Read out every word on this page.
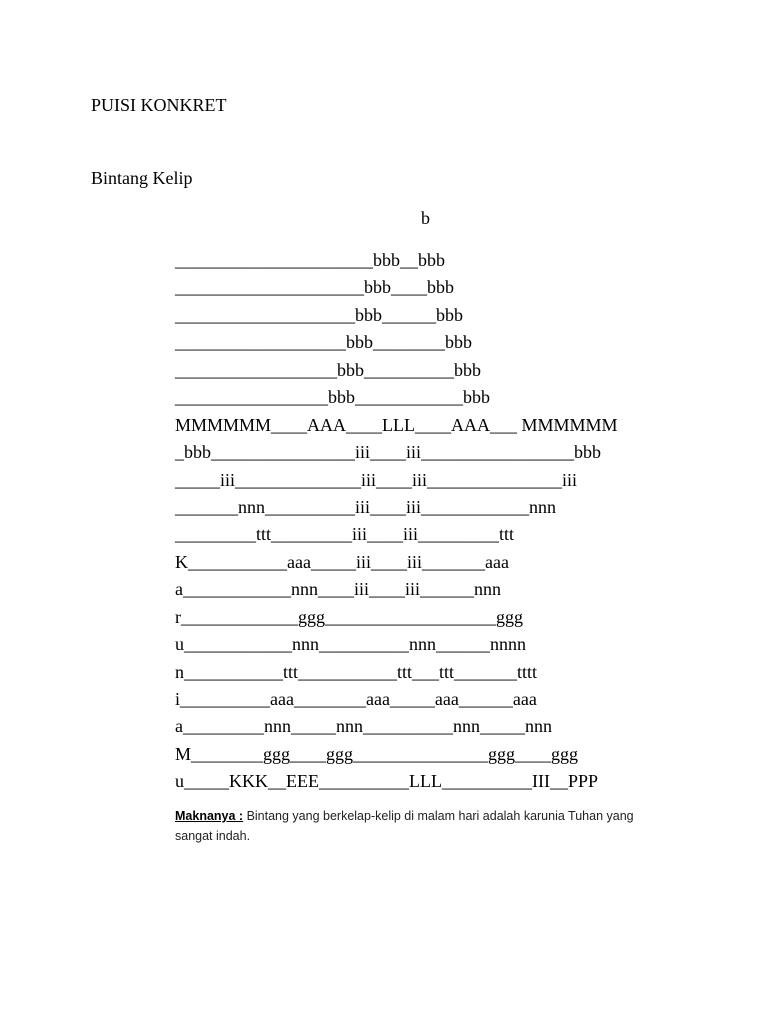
PUISI KONKRET
Bintang Kelip
b
______________________bbb__bbb
_____________________bbb____bbb
____________________bbb______bbb
___________________bbb________bbb
__________________bbb__________bbb
_________________bbb____________bbb
MMMMMM____AAA____LLL____AAA___ MMMMMM
_bbb________________iii____iii_________________bbb
_____iii______________iii____iii_______________iii
_______nnn__________iii____iii____________nnn
_________ttt_________iii____iii_________ttt
K___________aaa_____iii____iii_______aaa
a____________nnn____iii____iii______nnn
r_____________ggg___________________ggg
u____________nnn__________nnn______nnnn
n___________ttt___________ttt___ttt_______tttt
i__________aaa________aaa_____aaa______aaa
a_________nnn_____nnn__________nnn_____nnn
M________ggg____ggg_______________ggg____ggg
u_____KKK__EEE__________LLL__________III__PPP
Maknanya : Bintang yang berkelap-kelip di malam hari adalah karunia Tuhan yang sangat indah.
